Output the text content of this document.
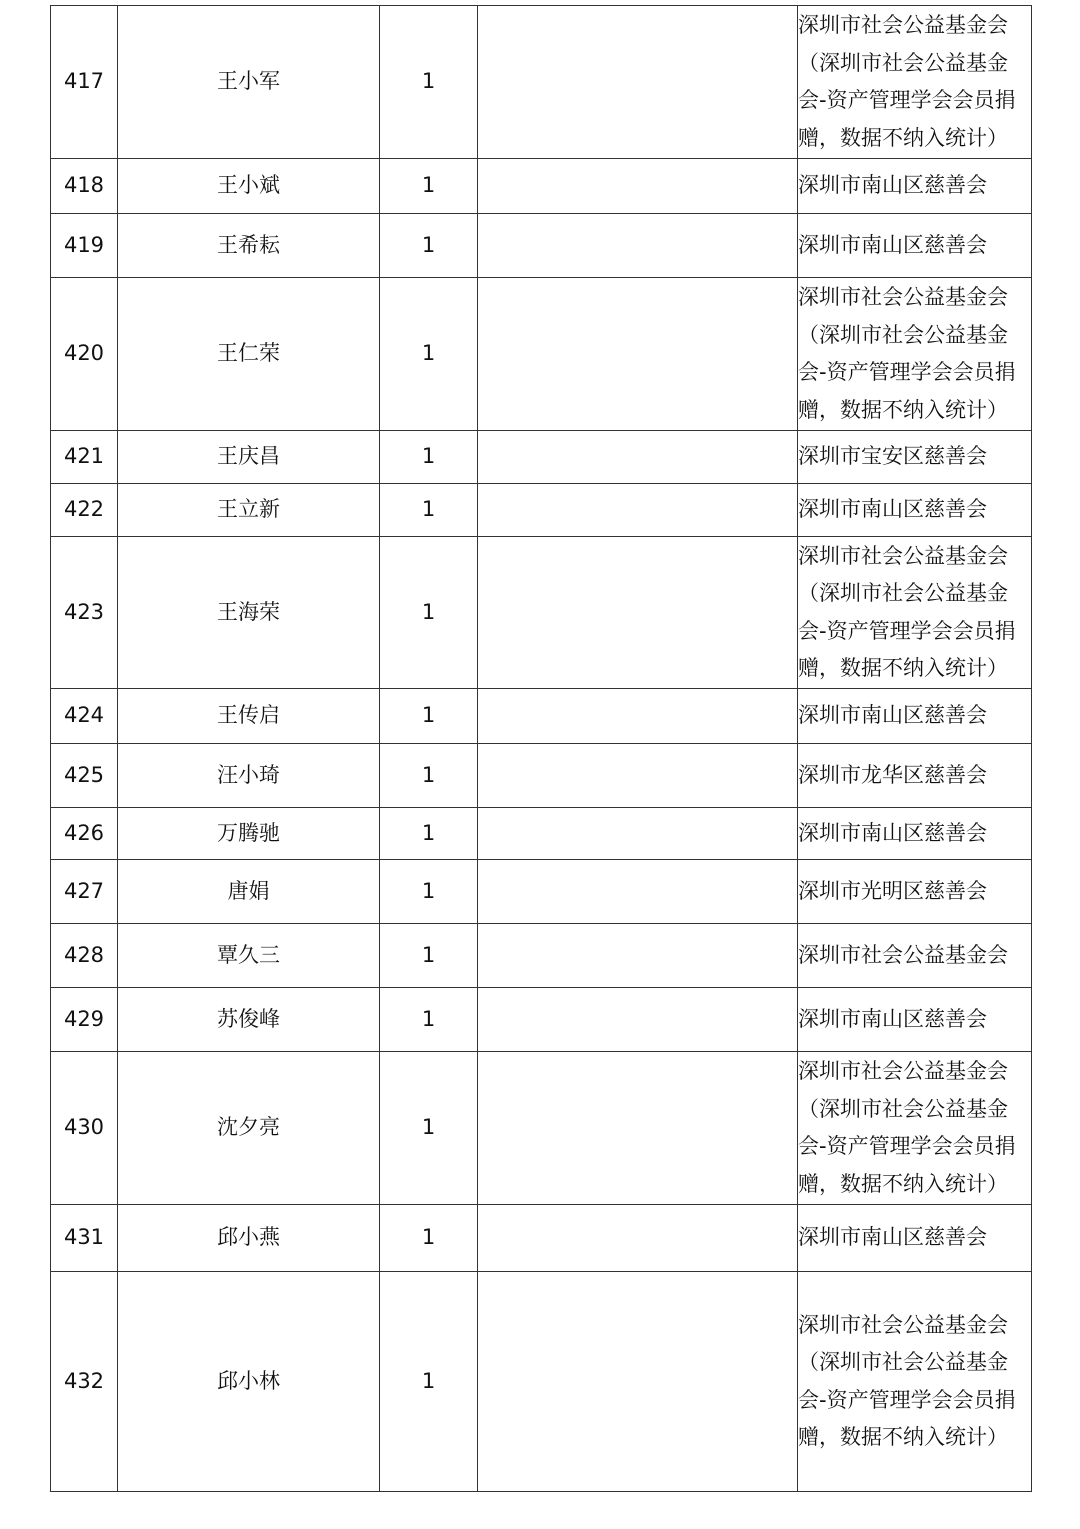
417	王小军	1		深圳市社会公益基金会（深圳市社会公益基金会-资产管理学会会员捐赠，数据不纳入统计）
418	王小斌	1		深圳市南山区慈善会
419	王希耘	1		深圳市南山区慈善会
420	王仁荣	1		深圳市社会公益基金会（深圳市社会公益基金会-资产管理学会会员捐赠，数据不纳入统计）
421	王庆昌	1		深圳市宝安区慈善会
422	王立新	1		深圳市南山区慈善会
423	王海荣	1		深圳市社会公益基金会（深圳市社会公益基金会-资产管理学会会员捐赠，数据不纳入统计）
424	王传启	1		深圳市南山区慈善会
425	汪小琦	1		深圳市龙华区慈善会
426	万腾驰	1		深圳市南山区慈善会
427	唐娟	1		深圳市光明区慈善会
428	覃久三	1		深圳市社会公益基金会
429	苏俊峰	1		深圳市南山区慈善会
430	沈夕亮	1		深圳市社会公益基金会（深圳市社会公益基金会-资产管理学会会员捐赠，数据不纳入统计）
431	邱小燕	1		深圳市南山区慈善会
432	邱小林	1		深圳市社会公益基金会（深圳市社会公益基金会-资产管理学会会员捐赠，数据不纳入统计）
